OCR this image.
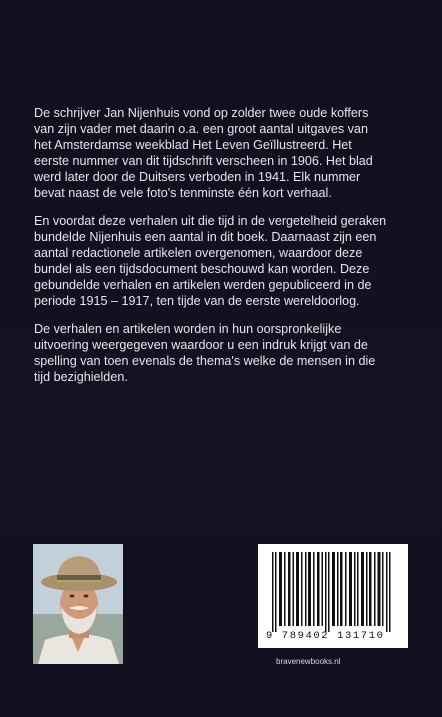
De schrijver Jan Nijenhuis vond op zolder twee oude koffers
van zijn vader met daarin o.a. een groot aantal uitgaves van
het Amsterdamse weekblad Het Leven Geïllustreerd. Het
eerste nummer van dit tijdschrift verscheen in 1906. Het blad
werd later door de Duitsers verboden in 1941. Elk nummer
bevat naast de vele foto's tenminste één kort verhaal.

En voordat deze verhalen uit die tijd in de vergetelheid geraken
bundelde Nijenhuis een aantal in dit boek. Daarnaast zijn een
aantal redactionele artikelen overgenomen, waardoor deze
bundel als een tijdsdocument beschouwd kan worden. Deze
gebundelde verhalen en artikelen werden gepubliceerd in de
periode 1915 – 1917, ten tijde van de eerste wereldoorlog.

De verhalen en artikelen worden in hun oorspronkelijke
uitvoering weergegeven waardoor u een indruk krijgt van de
spelling van toen evenals de thema's welke de mensen in die
tijd bezighielden.

9 789402 131710
bravenewbooks.nl
